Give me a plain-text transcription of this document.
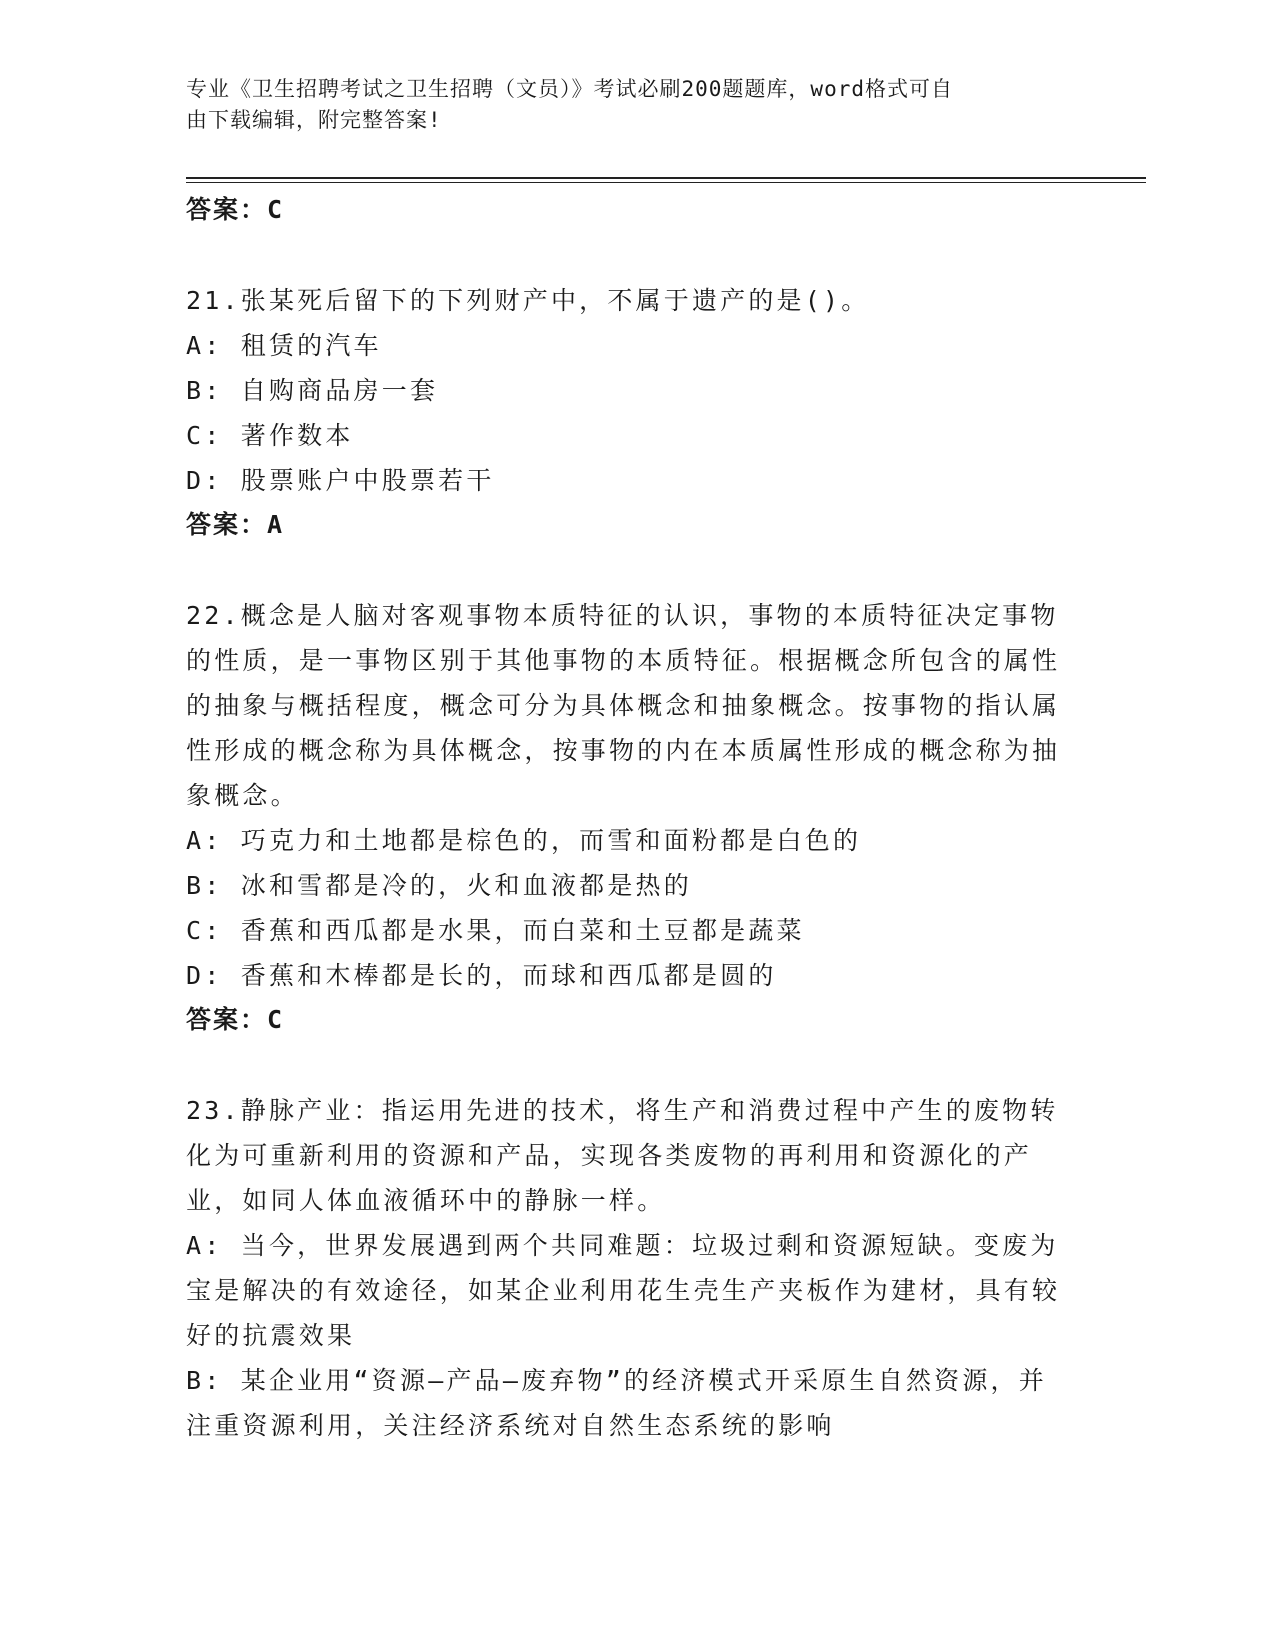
专业《卫生招聘考试之卫生招聘（文员）》考试必刷200题题库，word格式可自
由下载编辑，附完整答案!

答案：C

21.张某死后留下的下列财产中，不属于遗产的是()。

A: 租赁的汽车

B: 自购商品房一套

C: 著作数本

D: 股票账户中股票若干

答案：A

22.概念是人脑对客观事物本质特征的认识，事物的本质特征决定事物的性质，是一事物区别于其他事物的本质特征。根据概念所包含的属性的抽象与概括程度，概念可分为具体概念和抽象概念。按事物的指认属性形成的概念称为具体概念，按事物的内在本质属性形成的概念称为抽象概念。

A: 巧克力和土地都是棕色的，而雪和面粉都是白色的

B: 冰和雪都是冷的，火和血液都是热的

C: 香蕉和西瓜都是水果，而白菜和土豆都是蔬菜

D: 香蕉和木棒都是长的，而球和西瓜都是圆的

答案：C

23.静脉产业：指运用先进的技术，将生产和消费过程中产生的废物转化为可重新利用的资源和产品，实现各类废物的再利用和资源化的产业，如同人体血液循环中的静脉一样。

A: 当今，世界发展遇到两个共同难题：垃圾过剩和资源短缺。变废为宝是解决的有效途径，如某企业利用花生壳生产夹板作为建材，具有较好的抗震效果

B: 某企业用“资源—产品—废弃物”的经济模式开采原生自然资源，并注重资源利用，关注经济系统对自然生态系统的影响
